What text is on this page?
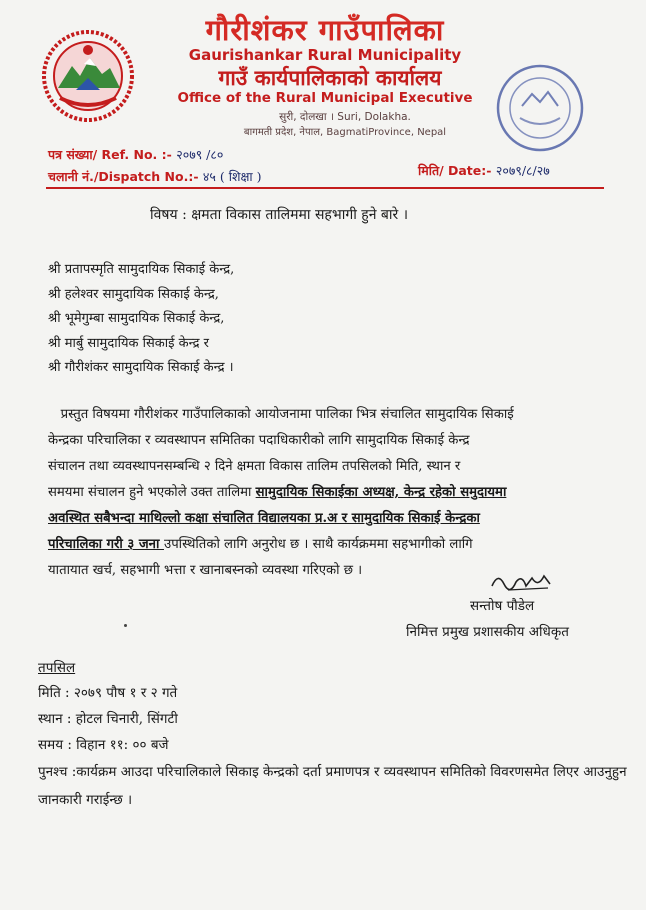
गौरीशंकर गाउँपालिका
Gaurishankar Rural Municipality
गाउँ कार्यपालिकाको कार्यालय
Office of the Rural Municipal Executive
सुरी, दोलखा । Suri, Dolakha.
बागमती प्रदेश, नेपाल, BagmatiProvince, Nepal
पत्र संख्या/ Ref. No. :- २०७९ /८०
चलानी नं./Dispatch No.:- ४५ ( शिक्षा )	मिति/ Date:- २०७९/८/२७
विषय : क्षमता विकास तालिममा सहभागी हुने बारे ।
श्री प्रतापस्मृति सामुदायिक सिकाई केन्द्र,
श्री हलेश्वर सामुदायिक सिकाई केन्द्र,
श्री भूमेगुम्बा सामुदायिक सिकाई केन्द्र,
श्री मार्बु सामुदायिक सिकाई केन्द्र र
श्री गौरीशंकर सामुदायिक सिकाई केन्द्र ।
प्रस्तुत विषयमा गौरीशंकर गाउँपालिकाको आयोजनामा पालिका भित्र संचालित सामुदायिक सिकाई
केन्द्रका परिचालिका र व्यवस्थापन समितिका पदाधिकारीको लागि सामुदायिक सिकाई केन्द्र
संचालन तथा व्यवस्थापनसम्बन्धि २ दिने क्षमता विकास तालिम तपसिलको मिति, स्थान र
समयमा संचालन हुने भएकोले उक्त तालिमा सामुदायिक सिकाईका अध्यक्ष, केन्द्र रहेको समुदायमा
अवस्थित सबैभन्दा माथिल्लो कक्षा संचालित विद्यालयका प्र.अ र सामुदायिक सिकाई केन्द्रका
परिचालिका गरी ३ जना उपस्थितिको लागि अनुरोध छ । साथै कार्यक्रममा सहभागीको लागि
यातायात खर्च, सहभागी भत्ता र खानाबस्नको व्यवस्था गरिएको छ ।
सन्तोष पौडेल
निमित्त प्रमुख प्रशासकीय अधिकृत
तपसिल
मिति : २०७९ पौष १ र २ गते
स्थान : होटल चिनारी, सिंगटी
समय : विहान ११: ०० बजे
पुनश्च :कार्यक्रम आउदा परिचालिकाले सिकाइ केन्द्रको दर्ता प्रमाणपत्र र व्यवस्थापन समितिको विवरणसमेत लिएर आउनुहुन जानकारी गराईन्छ ।
